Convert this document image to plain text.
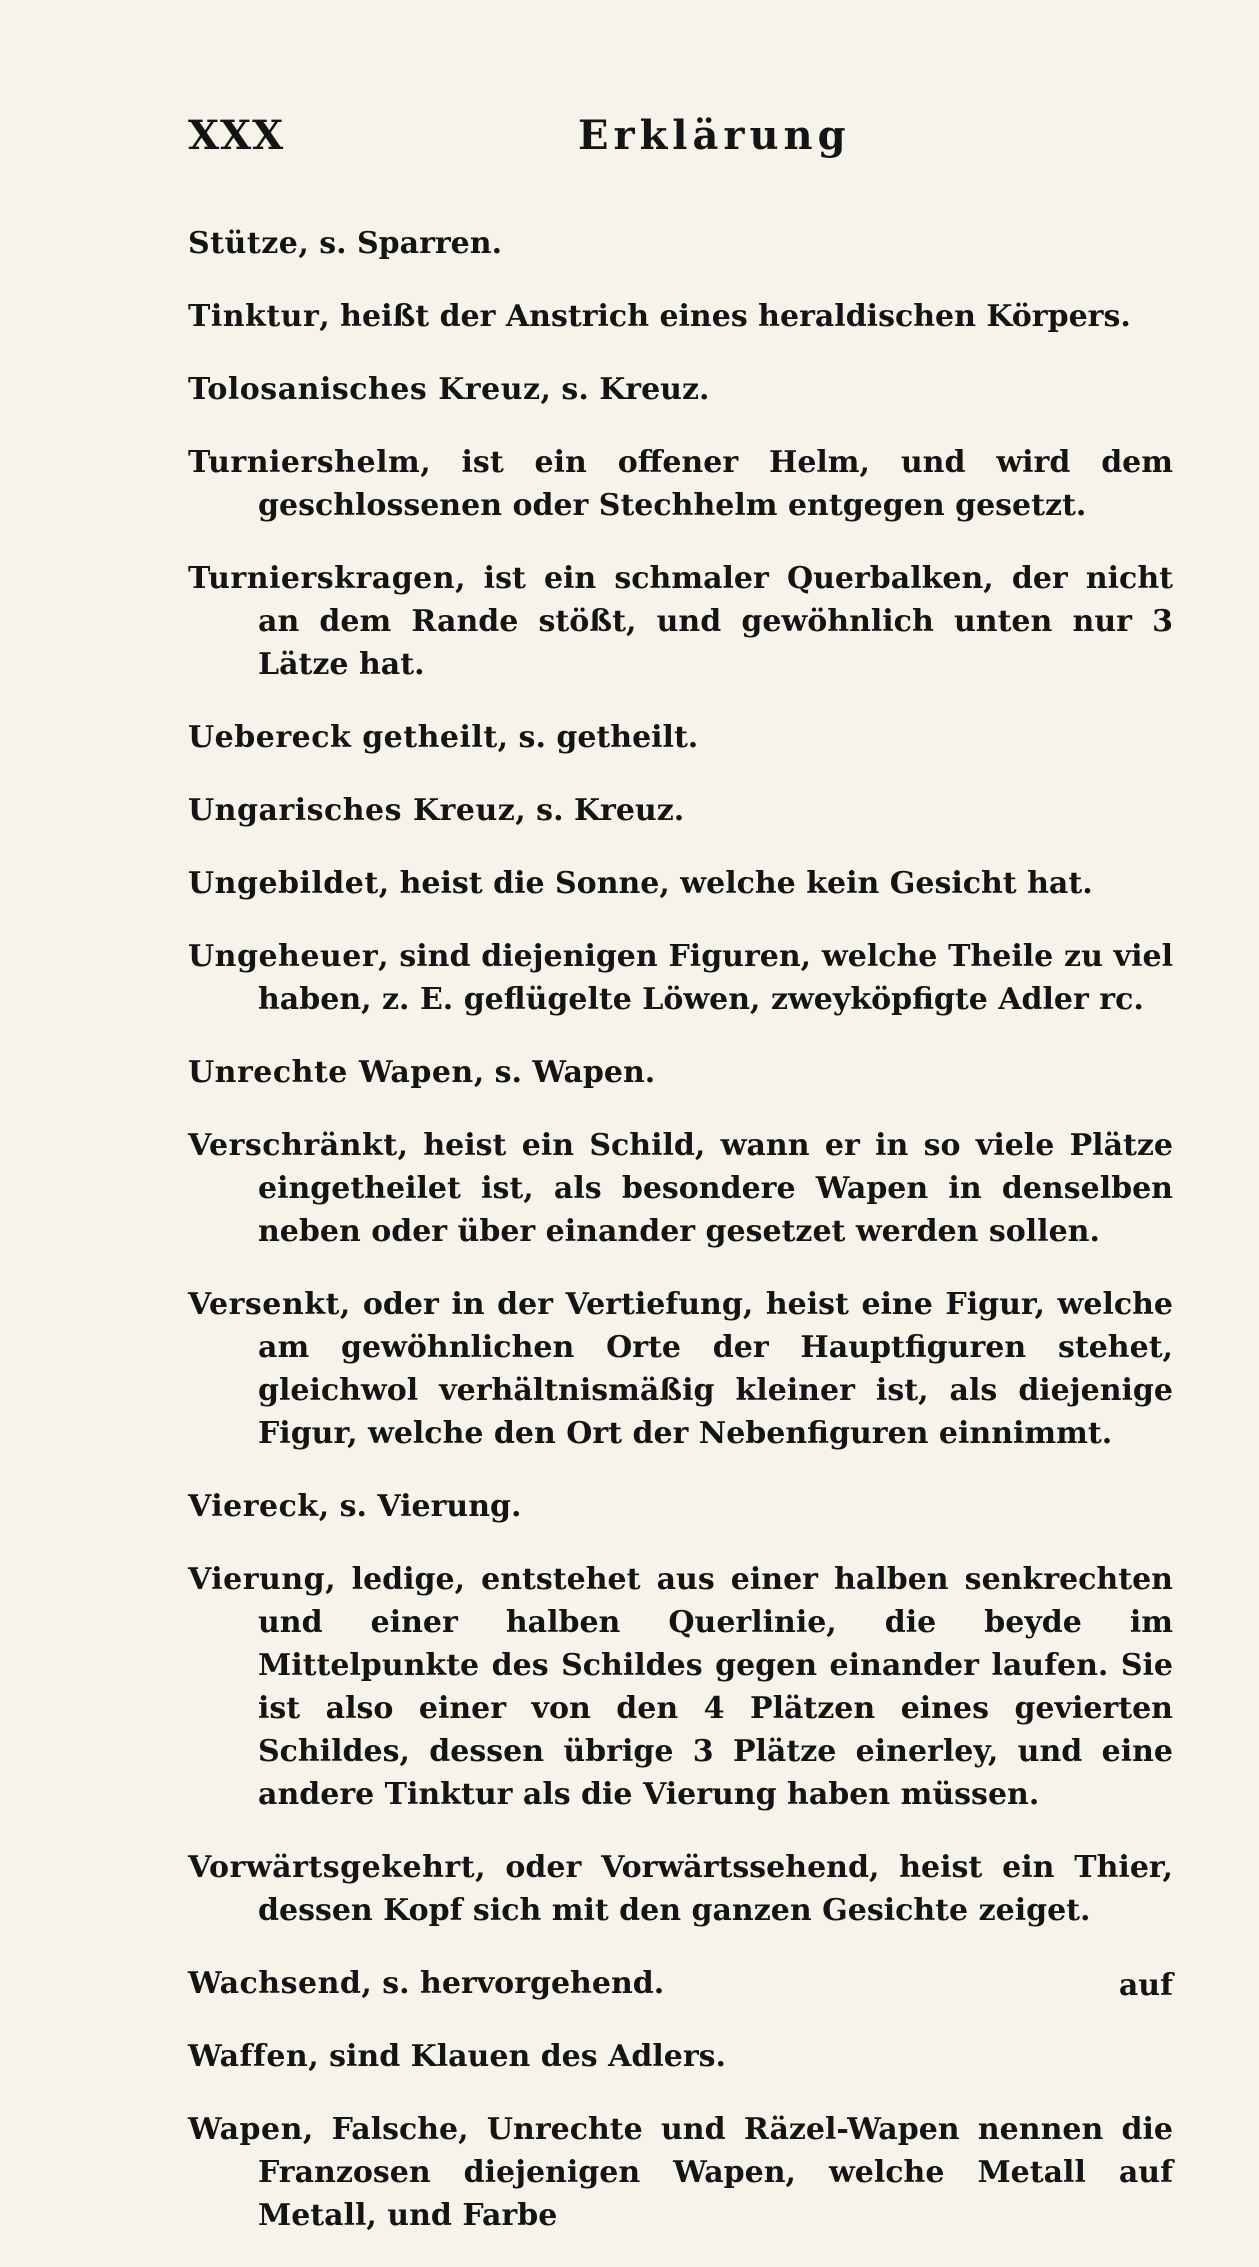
XXX	Erklärung

Stütze, s. Sparren.

Tinktur, heißt der Anstrich eines heraldischen Körpers.

Tolosanisches Kreuz, s. Kreuz.

Turniershelm, ist ein offener Helm, und wird dem geschlossenen oder Stechhelm entgegen gesetzt.

Turnierskragen, ist ein schmaler Querbalken, der nicht an dem Rande stößt, und gewöhnlich unten nur 3 Lätze hat.

Uebereck getheilt, s. getheilt.

Ungarisches Kreuz, s. Kreuz.

Ungebildet, heist die Sonne, welche kein Gesicht hat.

Ungeheuer, sind diejenigen Figuren, welche Theile zu viel haben, z. E. geflügelte Löwen, zweyköpfigte Adler rc.

Unrechte Wapen, s. Wapen.

Verschränkt, heist ein Schild, wann er in so viele Plätze eingetheilet ist, als besondere Wapen in denselben neben oder über einander gesetzet werden sollen.

Versenkt, oder in der Vertiefung, heist eine Figur, welche am gewöhnlichen Orte der Hauptfiguren stehet, gleichwol verhältnismäßig kleiner ist, als diejenige Figur, welche den Ort der Nebenfiguren einnimmt.

Viereck, s. Vierung.

Vierung, ledige, entstehet aus einer halben senkrechten und einer halben Querlinie, die beyde im Mittelpunkte des Schildes gegen einander laufen. Sie ist also einer von den 4 Plätzen eines gevierten Schildes, dessen übrige 3 Plätze einerley, und eine andere Tinktur als die Vierung haben müssen.

Vorwärtsgekehrt, oder Vorwärtssehend, heist ein Thier, dessen Kopf sich mit den ganzen Gesichte zeiget.

Wachsend, s. hervorgehend.

Waffen, sind Klauen des Adlers.

Wapen, Falsche, Unrechte und Räzel-Wapen nennen die Franzosen diejenigen Wapen, welche Metall auf Metall, und Farbe

auf
